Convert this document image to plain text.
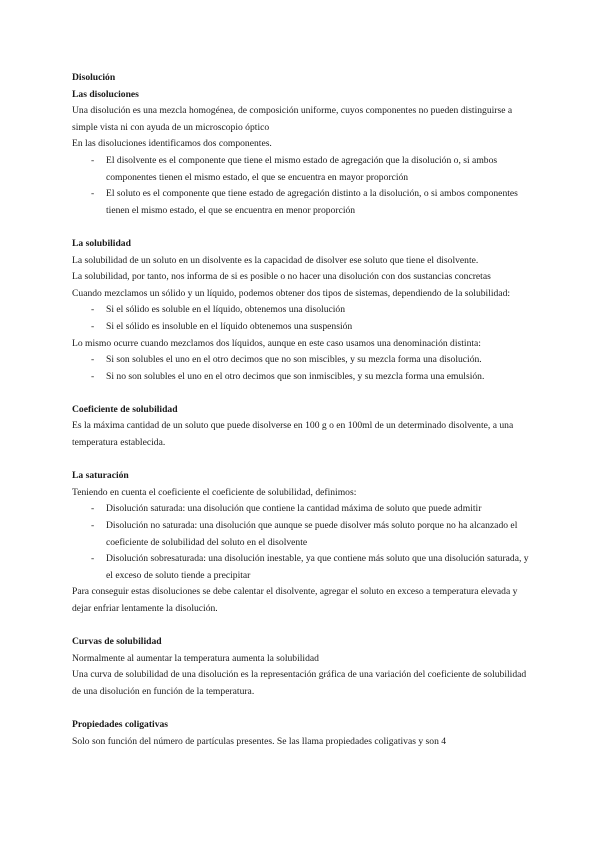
Disolución

Las disoluciones

Una disolución es una mezcla homogénea, de composición uniforme, cuyos componentes no pueden distinguirse a simple vista ni con ayuda de un microscopio óptico

En las disoluciones identificamos dos componentes.

- El disolvente es el componente que tiene el mismo estado de agregación que la disolución o, si ambos componentes tienen el mismo estado, el que se encuentra en mayor proporción
- El soluto es el componente que tiene estado de agregación distinto a la disolución, o si ambos componentes tienen el mismo estado, el que se encuentra en menor proporción

La solubilidad

La solubilidad de un soluto en un disolvente es la capacidad de disolver ese soluto que tiene el disolvente.

La solubilidad, por tanto, nos informa de si es posible o no hacer una disolución con dos sustancias concretas

Cuando mezclamos un sólido y un líquido, podemos obtener dos tipos de sistemas, dependiendo de la solubilidad:

- Si el sólido es soluble en el líquido, obtenemos una disolución
- Si el sólido es insoluble en el líquido obtenemos una suspensión

Lo mismo ocurre cuando mezclamos dos líquidos, aunque en este caso usamos una denominación distinta:

- Si son solubles el uno en el otro decimos que no son miscibles, y su mezcla forma una disolución.
- Si no son solubles el uno en el otro decimos que son inmiscibles, y su mezcla forma una emulsión.

Coeficiente de solubilidad

Es la máxima cantidad de un soluto que puede disolverse en 100 g o en 100ml de un determinado disolvente, a una temperatura establecida.

La saturación

Teniendo en cuenta el coeficiente el coeficiente de solubilidad, definimos:

- Disolución saturada: una disolución que contiene la cantidad máxima de soluto que puede admitir
- Disolución no saturada: una disolución que aunque se puede disolver más soluto porque no ha alcanzado el coeficiente de solubilidad del soluto en el disolvente
- Disolución sobresaturada: una disolución inestable, ya que contiene más soluto que una disolución saturada, y el exceso de soluto tiende a precipitar

Para conseguir estas disoluciones se debe calentar el disolvente, agregar el soluto en exceso a temperatura elevada y dejar enfriar lentamente la disolución.

Curvas de solubilidad

Normalmente al aumentar la temperatura aumenta la solubilidad

Una curva de solubilidad de una disolución es la representación gráfica de una variación del coeficiente de solubilidad de una disolución en función de la temperatura.

Propiedades coligativas

Solo son función del número de partículas presentes. Se las llama propiedades coligativas y son 4
